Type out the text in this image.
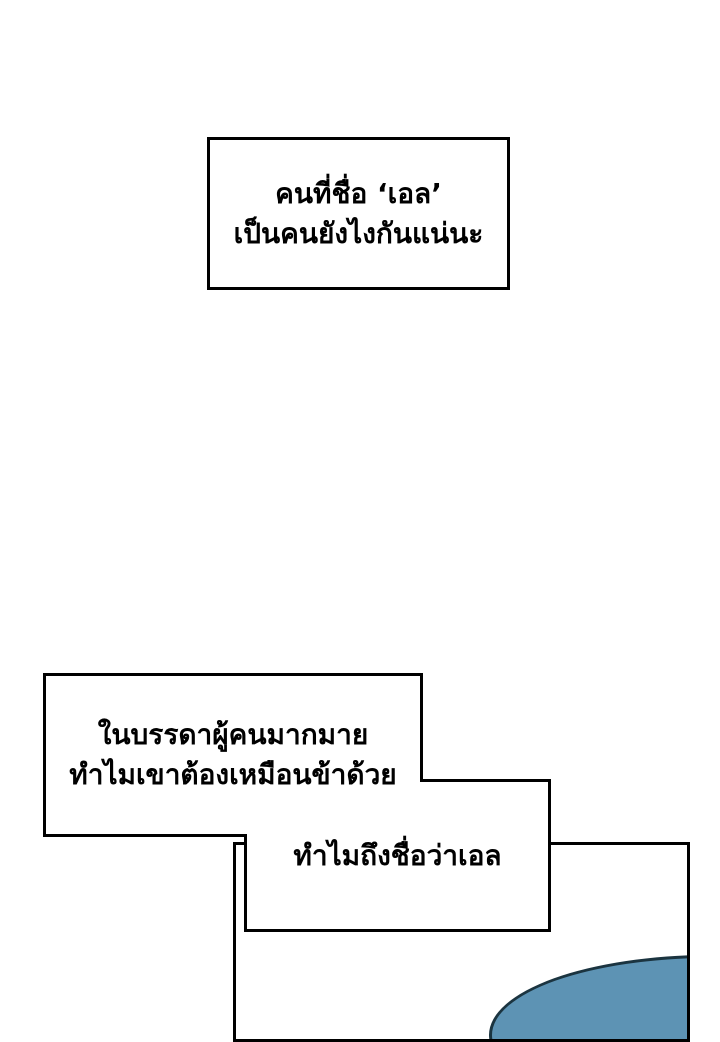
คนที่ชื่อ ‘เอล’
เป็นคนยังไงกันแน่นะ
ทำไมถึงชื่อว่าเอล
ในบรรดาผู้คนมากมาย
ทำไมเขาต้องเหมือนข้าด้วย
